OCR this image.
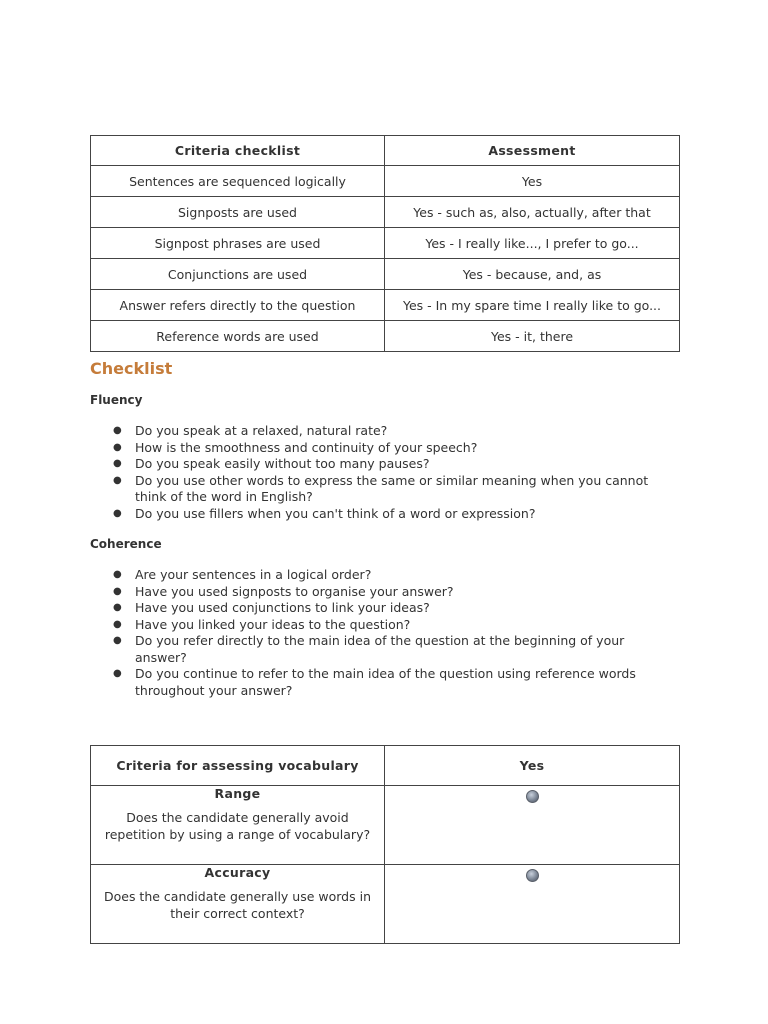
Criteria checklist	Assessment
Sentences are sequenced logically	Yes
Signposts are used	Yes - such as, also, actually, after that
Signpost phrases are used	Yes - I really like..., I prefer to go...
Conjunctions are used	Yes - because, and, as
Answer refers directly to the question	Yes - In my spare time I really like to go...
Reference words are used	Yes - it, there
Checklist
Fluency
● Do you speak at a relaxed, natural rate?
● How is the smoothness and continuity of your speech?
● Do you speak easily without too many pauses?
● Do you use other words to express the same or similar meaning when you cannot think of the word in English?
● Do you use fillers when you can't think of a word or expression?
Coherence
● Are your sentences in a logical order?
● Have you used signposts to organise your answer?
● Have you used conjunctions to link your ideas?
● Have you linked your ideas to the question?
● Do you refer directly to the main idea of the question at the beginning of your answer?
● Do you continue to refer to the main idea of the question using reference words throughout your answer?
Criteria for assessing vocabulary	Yes

Range
Does the candidate generally avoid repetition by using a range of vocabulary?	

Accuracy
Does the candidate generally use words in their correct context?	
